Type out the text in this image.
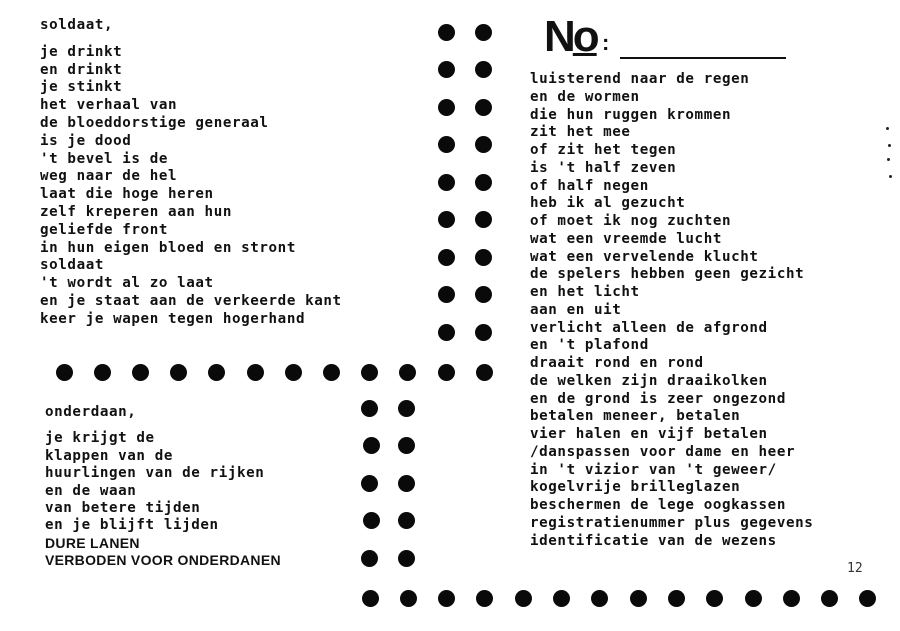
soldaat,
je drinkt
en drinkt
je stinkt
het verhaal van
de bloeddorstige generaal
is je dood
't bevel is de
weg naar de hel
laat die hoge heren
zelf kreperen aan hun
geliefde front
in hun eigen bloed en stront
soldaat
't wordt al zo laat
en je staat aan de verkeerde kant
keer je wapen tegen hogerhand
onderdaan,
je krijgt de
klappen van de
huurlingen van de rijken
en de waan
van betere tijden
en je blijft lijden
DURE LANEN
VERBODEN VOOR ONDERDANEN
No :
luisterend naar de regen
en de wormen
die hun ruggen krommen
zit het mee
of zit het tegen
is 't half zeven
of half negen
heb ik al gezucht
of moet ik nog zuchten
wat een vreemde lucht
wat een vervelende klucht
de spelers hebben geen gezicht
en het licht
aan en uit
verlicht alleen de afgrond
en 't plafond
draait rond en rond
de welken zijn draaikolken
en de grond is zeer ongezond
betalen meneer, betalen
vier halen en vijf betalen
/danspassen voor dame en heer
in 't vizior van 't geweer/
kogelvrije brilleglazen
beschermen de lege oogkassen
registratienummer plus gegevens
identificatie van de wezens
12
